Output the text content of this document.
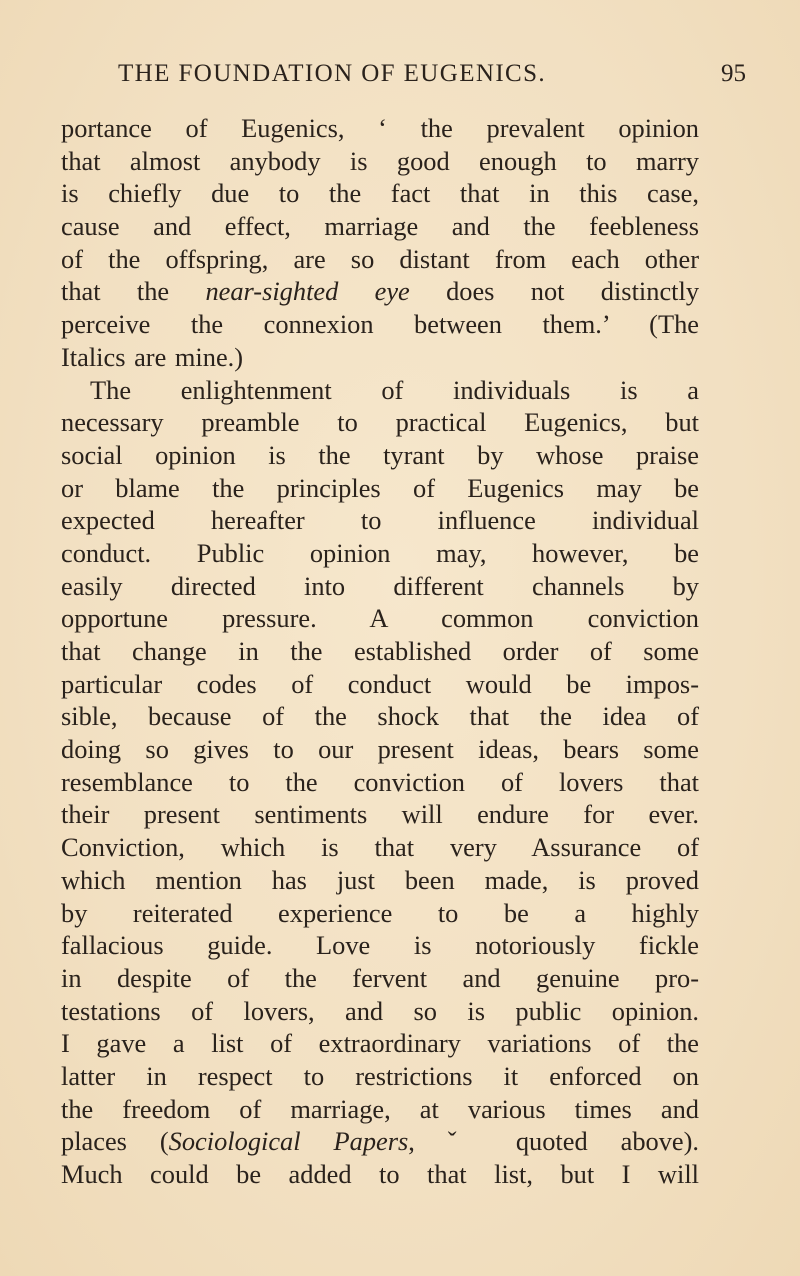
THE FOUNDATION OF EUGENICS.	95
portance of Eugenics, ‘ the prevalent opinion
that almost anybody is good enough to marry
is chiefly due to the fact that in this case,
cause and effect, marriage and the feebleness
of the offspring, are so distant from each other
that the near-sighted eye does not distinctly
perceive the connexion between them.’ (The
Italics are mine.)
The enlightenment of individuals is a
necessary preamble to practical Eugenics, but
social opinion is the tyrant by whose praise
or blame the principles of Eugenics may be
expected hereafter to influence individual
conduct. Public opinion may, however, be
easily directed into different channels by
opportune pressure. A common conviction
that change in the established order of some
particular codes of conduct would be impos-
sible, because of the shock that the idea of
doing so gives to our present ideas, bears some
resemblance to the conviction of lovers that
their present sentiments will endure for ever.
Conviction, which is that very Assurance of
which mention has just been made, is proved
by reiterated experience to be a highly
fallacious guide. Love is notoriously fickle
in despite of the fervent and genuine pro-
testations of lovers, and so is public opinion.
I gave a list of extraordinary variations of the
latter in respect to restrictions it enforced on
the freedom of marriage, at various times and
places (Sociological Papers, ˇ quoted above).
Much could be added to that list, but I will
